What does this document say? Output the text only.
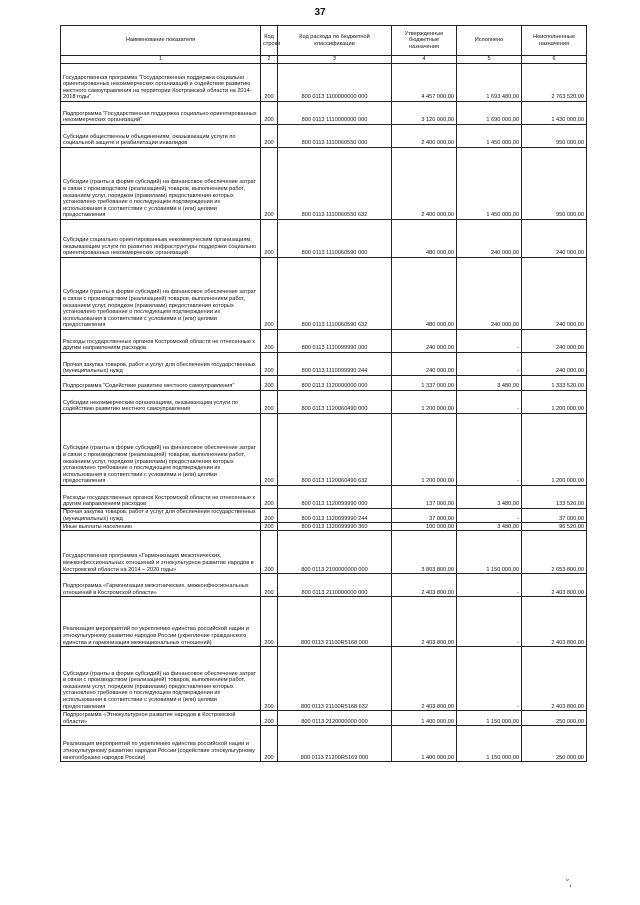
37
Наименование показателя	Код строки	Код расхода по бюджетной классификации	Утвержденные бюджетные назначения	Исполнено	Неисполненные назначения
1	2	3	4	5	6
Государственная программа "Государственная поддержка социально ориентированных некоммерческих организаций и содействие развитию местного самоуправления на территории Костромской области на 2014-2018 годы"	200	800 0113 1100000000 000	4 457 000,00	1 693 480,00	2 763 520,00
Подпрограмма "Государственная поддержка социально ориентированных некоммерческих организаций"	200	800 0113 1110000000 000	3 120 000,00	1 690 000,00	1 430 000,00
Субсидии общественным объединениям, оказывающим услуги по социальной защите и реабилитации инвалидов	200	800 0113 1110060550 000	2 400 000,00	1 450 000,00	950 000,00
Субсидии (гранты в форме субсидий) на финансовое обеспечение затрат в связи с производством (реализацией) товаров, выполнением работ, оказанием услуг, порядком (правилами) предоставления которых установлено требование о последующем подтверждении их использования в соответствии с условиями и (или) целями предоставления	200	800 0113 1110060550 632	2 400 000,00	1 450 000,00	950 000,00
Субсидии социально ориентированным некоммерческим организациям, оказывающим услуги по развитию инфраструктуры поддержки социально ориентированных некоммерческих организаций	200	800 0113 1110060590 000	480 000,00	240 000,00	240 000,00
Субсидии (гранты в форме субсидий) на финансовое обеспечение затрат в связи с производством (реализацией) товаров, выполнением работ, оказанием услуг, порядком (правилами) предоставления которых установлено требование о последующем подтверждении их использования в соответствии с условиями и (или) целями предоставления	200	800 0113 1110060590 632	480 000,00	240 000,00	240 000,00
Расходы государственных органов Костромской области не отнесенные к другим направлениям расходов	200	800 0113 1110099990 000	240 000,00	-	240 000,00
Прочая закупка товаров, работ и услуг для обеспечения государственных (муниципальных) нужд	200	800 0113 1110099990 244	240 000,00	-	240 000,00
Подпрограмма "Содействие развитию местного самоуправления"	200	800 0113 1120000000 000	1 337 000,00	3 480,00	1 333 520,00
Субсидии некоммерческим организациям, оказывающим услуги по содействию развитию местного самоуправления	200	800 0113 1120060490 000	1 200 000,00	-	1 200 000,00
Субсидии (гранты в форме субсидий) на финансовое обеспечение затрат в связи с производством (реализацией) товаров, выполнением работ, оказанием услуг, порядком (правилами) предоставления которых установлено требование о последующем подтверждении их использования в соответствии с условиями и (или) целями предоставления	200	800 0113 1120060490 632	1 200 000,00	-	1 200 000,00
Расходы государственных органов Костромской области не отнесенные к другим направлениям расходов	200	800 0113 1120099990 000	137 000,00	3 480,00	133 520,00
Прочая закупка товаров, работ и услуг для обеспечения государственных (муниципальных) нужд	200	800 0113 1120099990 244	37 000,00	-	37 000,00
Иные выплаты населению	200	800 0113 1120099990 360	100 000,00	3 480,00	96 520,00
Государственная программа «Гармонизация межэтнических, межконфессиональных отношений и этнокультурное развитие народов в Костромской области на 2014 – 2020 годы»	200	800 0113 2100000000 000	3 803 800,00	1 150 000,00	2 653 800,00
Подпрограмма «Гармонизация межэтнических, межконфессиональных отношений в Костромской области»	200	800 0113 2110000000 000	2 403 800,00	-	2 403 800,00
Реализация мероприятий по укреплению единства российской нации и этнокультурному развитию народов России (укрепление гражданского единства и гармонизация межнациональных отношений)	200	800 0113 21100R5168 000	2 403 800,00	-	2 403 800,00
Субсидии (гранты в форме субсидий) на финансовое обеспечение затрат в связи с производством (реализацией) товаров, выполнением работ, оказанием услуг, порядком (правилами) предоставления которых установлено требование о последующем подтверждении их использования в соответствии с условиями и (или) целями предоставления	200	800 0113 21100R5168 632	2 403 800,00	-	2 403 800,00
Подпрограмма «Этнокультурное развитие народов в Костромской области»	200	800 0113 2120000000 000	1 400 000,00	1 150 000,00	250 000,00
Реализация мероприятий по укреплению единства российской нации и этнокультурному развитию народов России (содействие этнокультурному многообразию народов России)	200	800 0113 21200R5169 000	1 400 000,00	1 150 000,00	250 000,00
˘,
